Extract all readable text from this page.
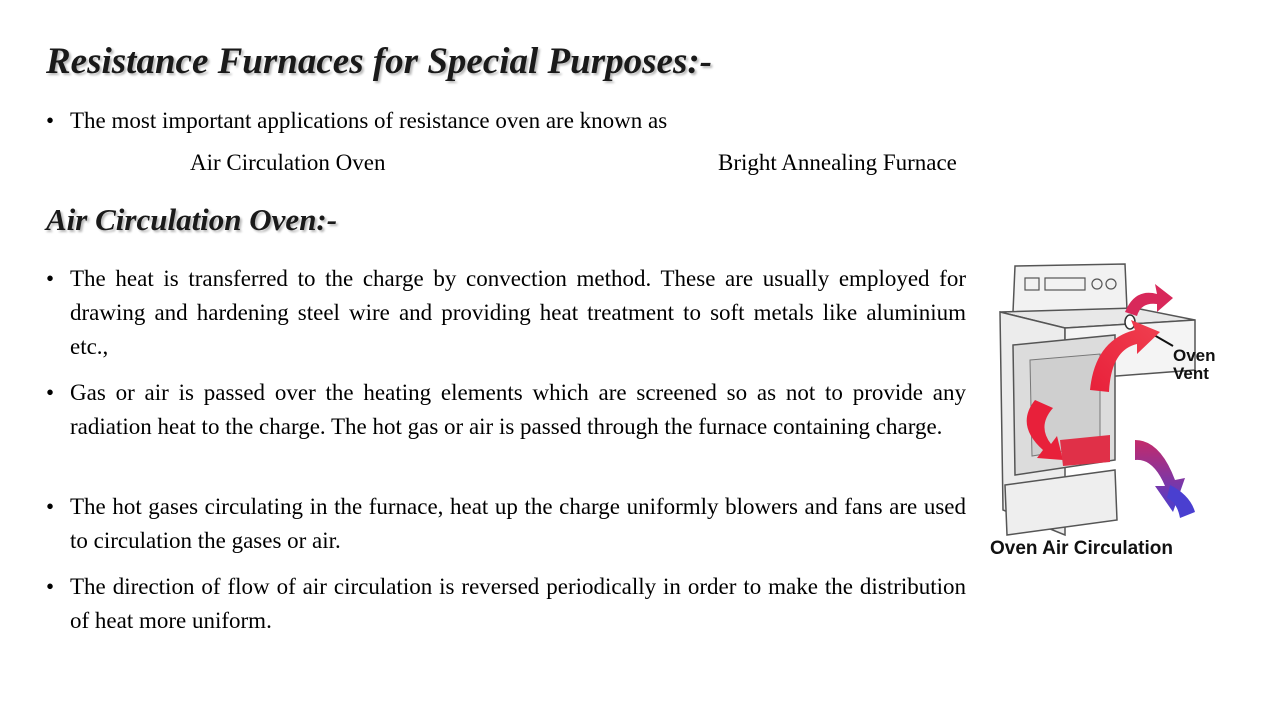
Resistance Furnaces for Special Purposes:-

• The most important applications of resistance oven are known as

Air Circulation Oven	Bright Annealing Furnace
Air Circulation Oven:-

• The heat is transferred to the charge by convection method. These are usually employed for drawing and hardening steel wire and providing heat treatment to soft metals like aluminium etc.,

• Gas or air is passed over the heating elements which are screened so as not to provide any radiation heat to the charge. The hot gas or air is passed through the furnace containing charge.

• The hot gases circulating in the furnace, heat up the charge uniformly blowers and fans are used to circulation the gases or air.

• The direction of flow of air circulation is reversed periodically in order to make the distribution of heat more uniform.

Oven
Vent

Oven Air Circulation
